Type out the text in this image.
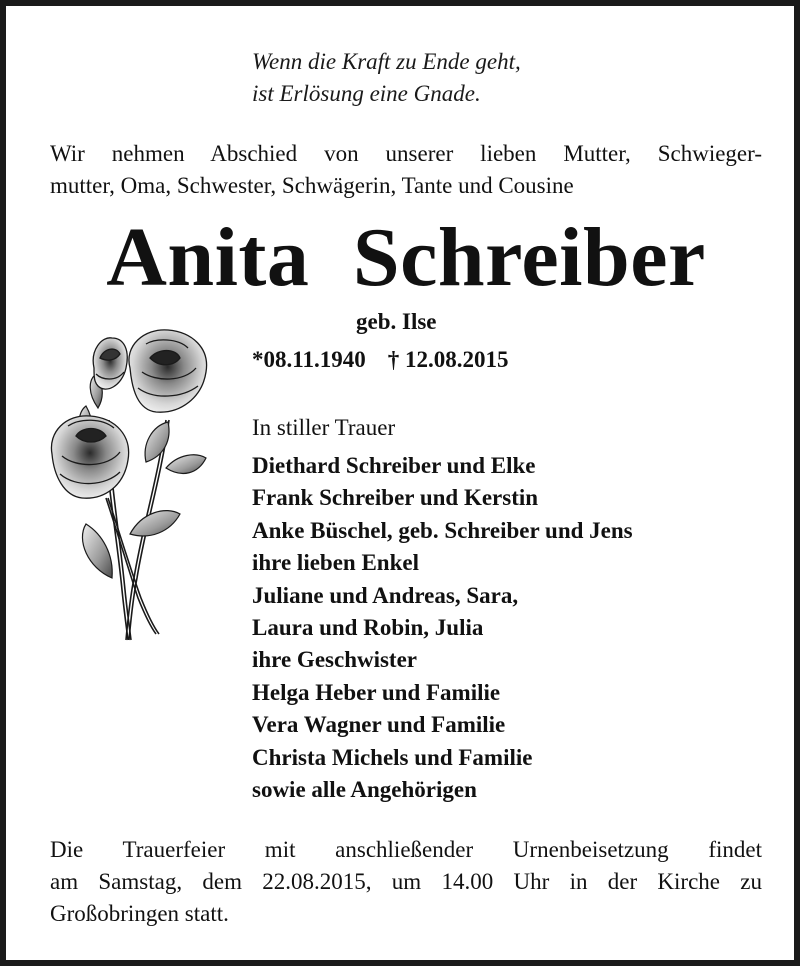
Wenn die Kraft zu Ende geht,
ist Erlösung eine Gnade.
Wir nehmen Abschied von unserer lieben Mutter, Schwieger-
mutter, Oma, Schwester, Schwägerin, Tante und Cousine
Anita Schreiber
geb. Ilse
*08.11.1940 † 12.08.2015
In stiller Trauer
Diethard Schreiber und Elke
Frank Schreiber und Kerstin
Anke Büschel, geb. Schreiber und Jens
ihre lieben Enkel
Juliane und Andreas, Sara,
Laura und Robin, Julia
ihre Geschwister
Helga Heber und Familie
Vera Wagner und Familie
Christa Michels und Familie
sowie alle Angehörigen
Die Trauerfeier mit anschließender Urnenbeisetzung findet
am Samstag, dem 22.08.2015, um 14.00 Uhr in der Kirche zu
Großobringen statt.
